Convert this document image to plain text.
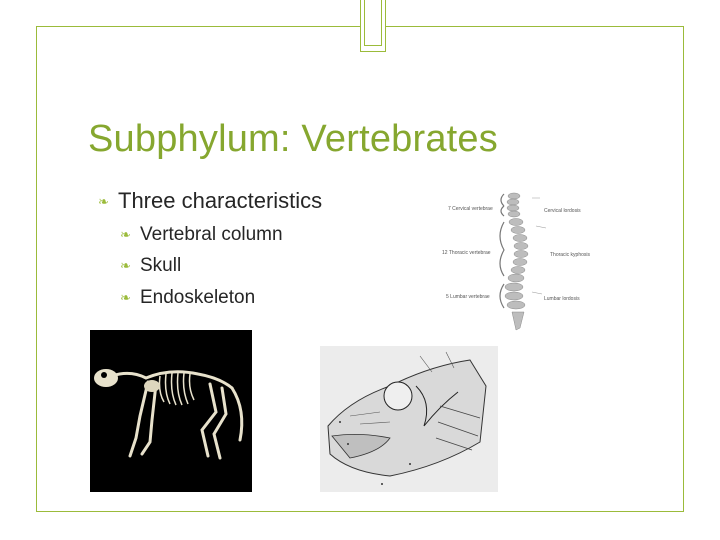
Subphylum: Vertebrates
❧ Three characteristics
❧ Vertebral column
❧ Skull
❧ Endoskeleton
7 Cervical vertebrae
12 Thoracic vertebrae
5 Lumbar vertebrae
Cervical lordosis
Thoracic kyphosis
Lumbar lordosis
